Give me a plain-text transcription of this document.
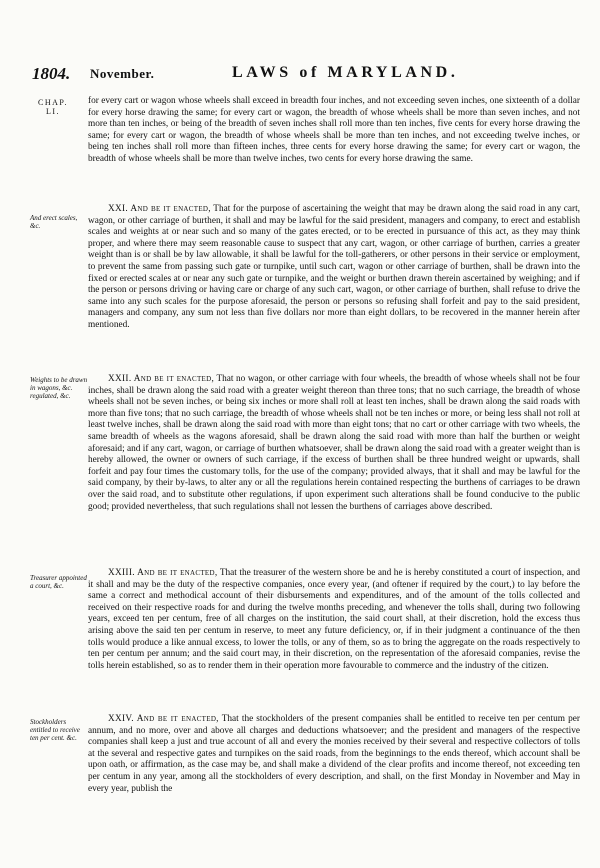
1804. November.	LAWS of MARYLAND.
CHAP.
LI.

for every cart or wagon whose wheels shall exceed in breadth four inches, and not exceeding seven inches, one sixteenth of a dollar for every horse drawing the same; for every cart or wagon, the breadth of whose wheels shall be more than seven inches, and not more than ten inches, or being of the breadth of seven inches shall roll more than ten inches, five cents for every horse drawing the same; for every cart or wagon, the breadth of whose wheels shall be more than ten inches, and not exceeding twelve inches, or being ten inches shall roll more than fifteen inches, three cents for every horse drawing the same; for every cart or wagon, the breadth of whose wheels shall be more than twelve inches, two cents for every horse drawing the same.

And erect scales, &c.

XXI. And be it enacted, That for the purpose of ascertaining the weight that may be drawn along the said road in any cart, wagon, or other carriage of burthen, it shall and may be lawful for the said president, managers and company, to erect and establish scales and weights at or near such and so many of the gates erected, or to be erected in pursuance of this act, as they may think proper, and where there may seem reasonable cause to suspect that any cart, wagon, or other carriage of burthen, carries a greater weight than is or shall be by law allowable, it shall be lawful for the toll-gatherers, or other persons in their service or employment, to prevent the same from passing such gate or turnpike, until such cart, wagon or other carriage of burthen, shall be drawn into the fixed or erected scales at or near any such gate or turnpike, and the weight or burthen drawn therein ascertained by weighing; and if the person or persons driving or having care or charge of any such cart, wagon, or other carriage of burthen, shall refuse to drive the same into any such scales for the purpose aforesaid, the person or persons so refusing shall forfeit and pay to the said president, managers and company, any sum not less than five dollars nor more than eight dollars, to be recovered in the manner herein after mentioned.

Weights to be drawn in wagons, &c. regulated, &c.

XXII. And be it enacted, That no wagon, or other carriage with four wheels, the breadth of whose wheels shall not be four inches, shall be drawn along the said road with a greater weight thereon than three tons; that no such carriage, the breadth of whose wheels shall not be seven inches, or being six inches or more shall roll at least ten inches, shall be drawn along the said roads with more than five tons; that no such carriage, the breadth of whose wheels shall not be ten inches or more, or being less shall not roll at least twelve inches, shall be drawn along the said road with more than eight tons; that no cart or other carriage with two wheels, the same breadth of wheels as the wagons aforesaid, shall be drawn along the said road with more than half the burthen or weight aforesaid; and if any cart, wagon, or carriage of burthen whatsoever, shall be drawn along the said road with a greater weight than is hereby allowed, the owner or owners of such carriage, if the excess of burthen shall be three hundred weight or upwards, shall forfeit and pay four times the customary tolls, for the use of the company; provided always, that it shall and may be lawful for the said company, by their by-laws, to alter any or all the regulations herein contained respecting the burthens of carriages to be drawn over the said road, and to substitute other regulations, if upon experiment such alterations shall be found conducive to the public good; provided nevertheless, that such regulations shall not lessen the burthens of carriages above described.

Treasurer appointed a court, &c.

XXIII. And be it enacted, That the treasurer of the western shore be and he is hereby constituted a court of inspection, and it shall and may be the duty of the respective companies, once every year, (and oftener if required by the court,) to lay before the same a correct and methodical account of their disbursements and expenditures, and of the amount of the tolls collected and received on their respective roads for and during the twelve months preceding, and whenever the tolls shall, during two following years, exceed ten per centum, free of all charges on the institution, the said court shall, at their discretion, hold the excess thus arising above the said ten per centum in reserve, to meet any future deficiency, or, if in their judgment a continuance of the then tolls would produce a like annual excess, to lower the tolls, or any of them, so as to bring the aggregate on the roads respectively to ten per centum per annum; and the said court may, in their discretion, on the representation of the aforesaid companies, revise the tolls herein established, so as to render them in their operation more favourable to commerce and the industry of the citizen.

Stockholders entitled to receive ten per cent. &c.

XXIV. And be it enacted, That the stockholders of the present companies shall be entitled to receive ten per centum per annum, and no more, over and above all charges and deductions whatsoever; and the president and managers of the respective companies shall keep a just and true account of all and every the monies received by their several and respective collectors of tolls at the several and respective gates and turnpikes on the said roads, from the beginnings to the ends thereof, which account shall be upon oath, or affirmation, as the case may be, and shall make a dividend of the clear profits and income thereof, not exceeding ten per centum in any year, among all the stockholders of every description, and shall, on the first Monday in November and May in every year, publish the
